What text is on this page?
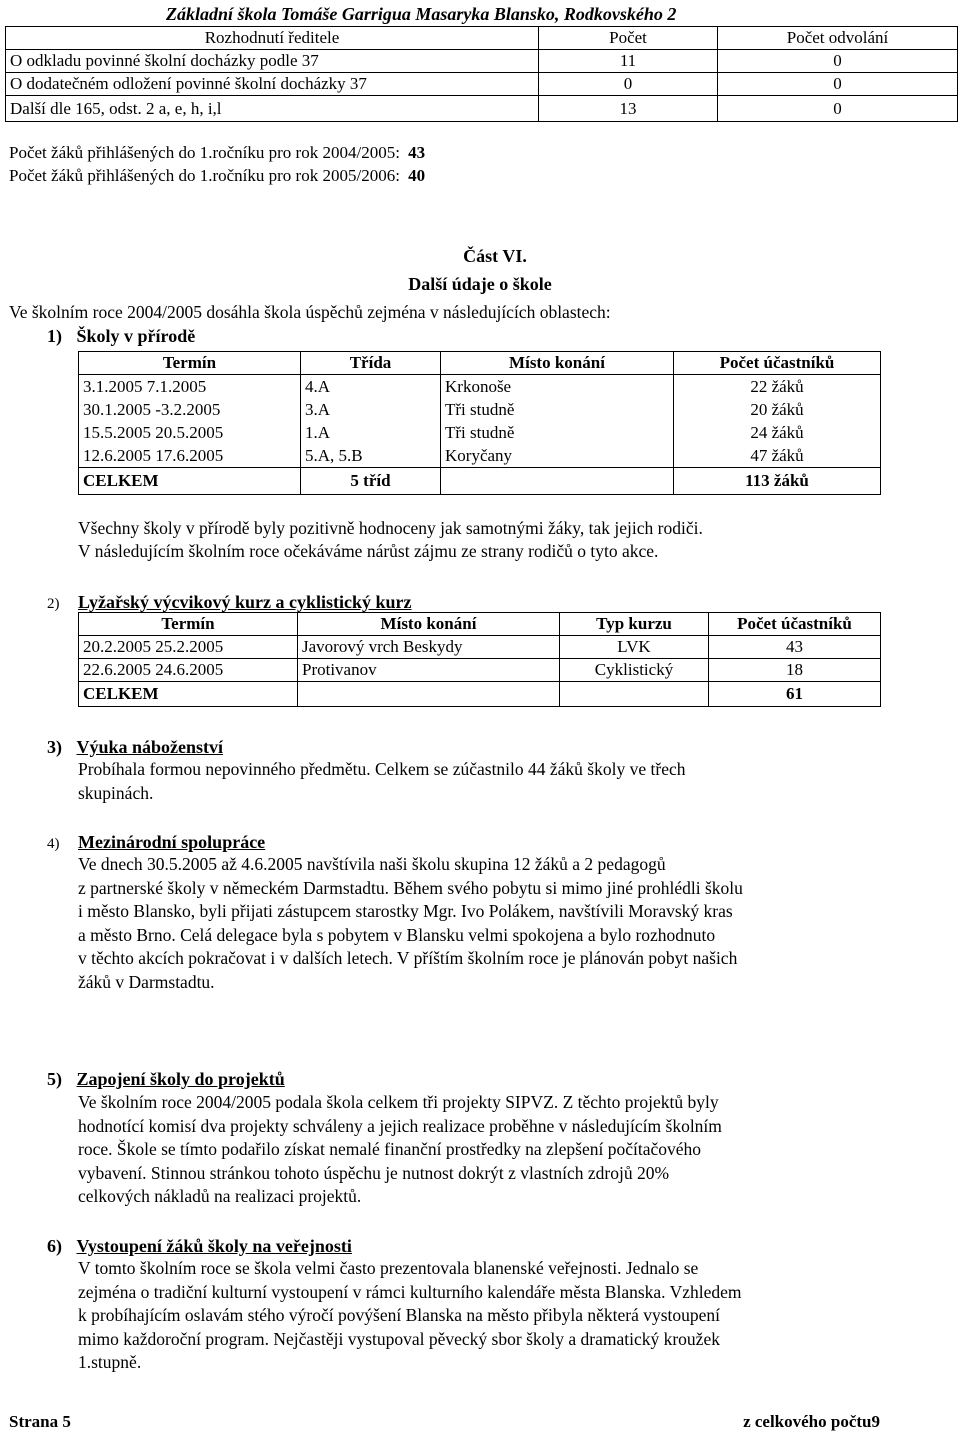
Základní škola Tomáše Garrigua Masaryka Blansko, Rodkovského 2
Rozhodnutí ředitele	Počet	Počet odvolání
O odkladu povinné školní docházky podle 37	11	0
O dodatečném odložení povinné školní docházky 37	0	0
Další dle 165, odst. 2 a, e, h, i,l	13	0
Počet žáků přihlášených do 1.ročníku pro rok 2004/2005: 43
Počet žáků přihlášených do 1.ročníku pro rok 2005/2006: 40
Část VI.
Další údaje o škole
Ve školním roce 2004/2005 dosáhla škola úspěchů zejména v následujících oblastech:
1) Školy v přírodě
Termín	Třída	Místo konání	Počet účastníků
3.1.2005 7.1.2005	4.A	Krkonoše	22 žáků
30.1.2005 -3.2.2005	3.A	Tři studně	20 žáků
15.5.2005 20.5.2005	1.A	Tři studně	24 žáků
12.6.2005 17.6.2005	5.A, 5.B	Koryčany	47 žáků
CELKEM	5 tříd		113 žáků
Všechny školy v přírodě byly pozitivně hodnoceny jak samotnými žáky, tak jejich rodiči.
V následujícím školním roce očekáváme nárůst zájmu ze strany rodičů o tyto akce.
2) Lyžařský výcvikový kurz a cyklistický kurz
Termín	Místo konání	Typ kurzu	Počet účastníků
20.2.2005 25.2.2005	Javorový vrch Beskydy	LVK	43
22.6.2005 24.6.2005	Protivanov	Cyklistický	18
CELKEM			61
3) Výuka náboženství

Probíhala formou nepovinného předmětu. Celkem se zúčastnilo 44 žáků školy ve třech

skupinách.

4) Mezinárodní spolupráce

Ve dnech 30.5.2005 až 4.6.2005 navštívila naši školu skupina 12 žáků a 2 pedagogů

z partnerské školy v německém Darmstadtu. Během svého pobytu si mimo jiné prohlédli školu

i město Blansko, byli přijati zástupcem starostky Mgr. Ivo Polákem, navštívili Moravský kras

a město Brno. Celá delegace byla s pobytem v Blansku velmi spokojena a bylo rozhodnuto

v těchto akcích pokračovat i v dalších letech. V příštím školním roce je plánován pobyt našich

žáků v Darmstadtu.

5) Zapojení školy do projektů

Ve školním roce 2004/2005 podala škola celkem tři projekty SIPVZ. Z těchto projektů byly

hodnotící komisí dva projekty schváleny a jejich realizace proběhne v následujícím školním

roce. Škole se tímto podařilo získat nemalé finanční prostředky na zlepšení počítačového

vybavení. Stinnou stránkou tohoto úspěchu je nutnost dokrýt z vlastních zdrojů 20%

celkových nákladů na realizaci projektů.

6) Vystoupení žáků školy na veřejnosti

V tomto školním roce se škola velmi často prezentovala blanenské veřejnosti. Jednalo se

zejména o tradiční kulturní vystoupení v rámci kulturního kalendáře města Blanska. Vzhledem

k probíhajícím oslavám stého výročí povýšení Blanska na město přibyla některá vystoupení

mimo každoroční program. Nejčastěji vystupoval pěvecký sbor školy a dramatický kroužek

1.stupně.

Strana 5	z celkového počtu9
